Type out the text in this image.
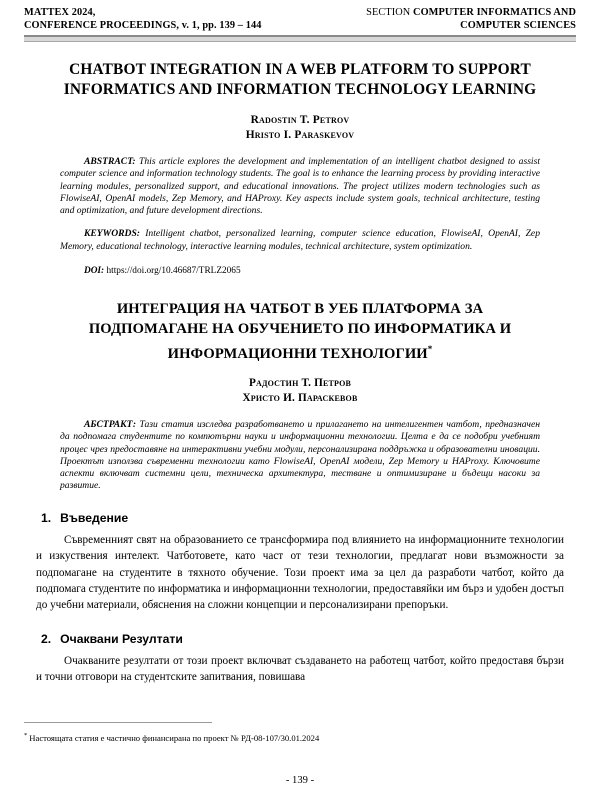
MATTEX 2024,
CONFERENCE PROCEEDINGS, v. 1, pp. 139 – 144
SECTION COMPUTER INFORMATICS AND
COMPUTER SCIENCES
CHATBOT INTEGRATION IN A WEB PLATFORM TO SUPPORT
INFORMATICS AND INFORMATION TECHNOLOGY LEARNING
Radostin T. Petrov
Hristo I. Paraskevov
ABSTRACT: This article explores the development and implementation of an intelligent chatbot designed to assist computer science and information technology students. The goal is to enhance the learning process by providing interactive learning modules, personalized support, and educational innovations. The project utilizes modern technologies such as FlowiseAI, OpenAI models, Zep Memory, and HAProxy. Key aspects include system goals, technical architecture, testing and optimization, and future development directions.
KEYWORDS: Intelligent chatbot, personalized learning, computer science education, FlowiseAI, OpenAI, Zep Memory, educational technology, interactive learning modules, technical architecture, system optimization.
DOI: https://doi.org/10.46687/TRLZ2065
ИНТЕГРАЦИЯ НА ЧАТБОТ В УЕБ ПЛАТФОРМА ЗА
ПОДПОМАГАНЕ НА ОБУЧЕНИЕТО ПО ИНФОРМАТИКА И
ИНФОРМАЦИОННИ ТЕХНОЛОГИИ*
Радостин Т. Петров
Христо И. Параскевов
АБСТРАКТ: Тази статия изследва разработването и прилагането на интелигентен чатбот, предназначен да подпомага студентите по компютърни науки и информационни технологии. Целта е да се подобри учебният процес чрез предоставяне на интерактивни учебни модули, персонализирана поддръжка и образователни иновации. Проектът използва съвременни технологии като FlowiseAI, OpenAI модели, Zep Memory и HAProxy. Ключовите аспекти включват системни цели, техническа архитектура, тестване и оптимизиране и бъдещи насоки за развитие.
1. Въведение
Съвременният свят на образованието се трансформира под влиянието на информационните технологии и изкуствения интелект. Чатботовете, като част от тези технологии, предлагат нови възможности за подпомагане на студентите в тяхното обучение. Този проект има за цел да разработи чатбот, който да подпомага студентите по информатика и информационни технологии, предоставяйки им бърз и удобен достъп до учебни материали, обяснения на сложни концепции и персонализирани препоръки.
2. Очаквани Резултати
Очакваните резултати от този проект включват създаването на работещ чатбот, който предоставя бързи и точни отговори на студентските запитвания, повишава
* Настоящата статия е частично финансирана по проект № РД-08-107/30.01.2024
- 139 -
